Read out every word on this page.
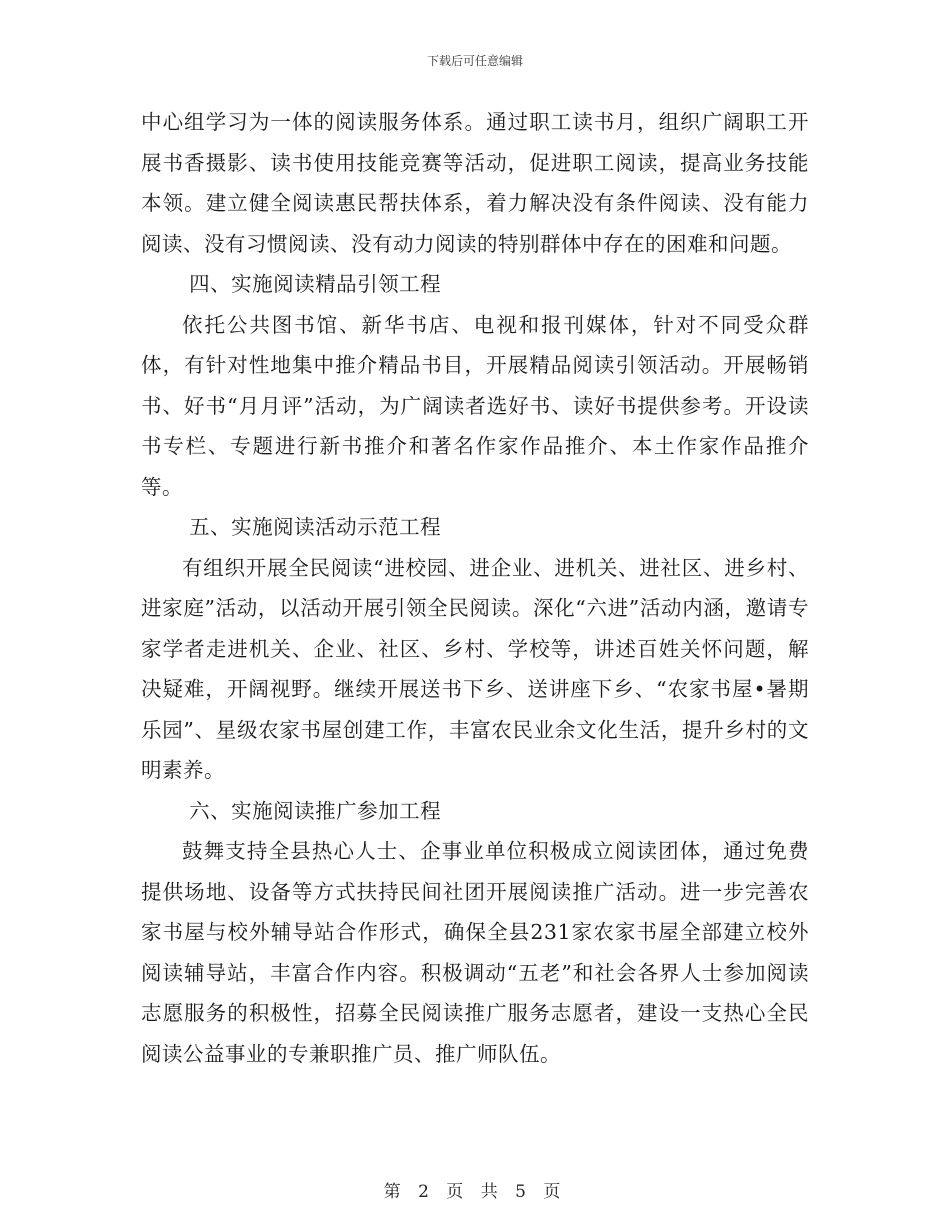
下载后可任意编辑

中心组学习为一体的阅读服务体系。通过职工读书月，组织广阔职工开展书香摄影、读书使用技能竞赛等活动，促进职工阅读，提高业务技能本领。建立健全阅读惠民帮扶体系，着力解决没有条件阅读、没有能力阅读、没有习惯阅读、没有动力阅读的特别群体中存在的困难和问题。

四、实施阅读精品引领工程

依托公共图书馆、新华书店、电视和报刊媒体，针对不同受众群体，有针对性地集中推介精品书目，开展精品阅读引领活动。开展畅销书、好书“月月评”活动，为广阔读者选好书、读好书提供参考。开设读书专栏、专题进行新书推介和著名作家作品推介、本土作家作品推介等。

五、实施阅读活动示范工程

有组织开展全民阅读“进校园、进企业、进机关、进社区、进乡村、进家庭”活动，以活动开展引领全民阅读。深化“六进”活动内涵，邀请专家学者走进机关、企业、社区、乡村、学校等，讲述百姓关怀问题，解决疑难，开阔视野。继续开展送书下乡、送讲座下乡、“农家书屋•暑期乐园”、星级农家书屋创建工作，丰富农民业余文化生活，提升乡村的文明素养。

六、实施阅读推广参加工程

鼓舞支持全县热心人士、企事业单位积极成立阅读团体，通过免费提供场地、设备等方式扶持民间社团开展阅读推广活动。进一步完善农家书屋与校外辅导站合作形式，确保全县231家农家书屋全部建立校外阅读辅导站，丰富合作内容。积极调动“五老”和社会各界人士参加阅读志愿服务的积极性，招募全民阅读推广服务志愿者，建设一支热心全民阅读公益事业的专兼职推广员、推广师队伍。

第 2 页 共 5 页
